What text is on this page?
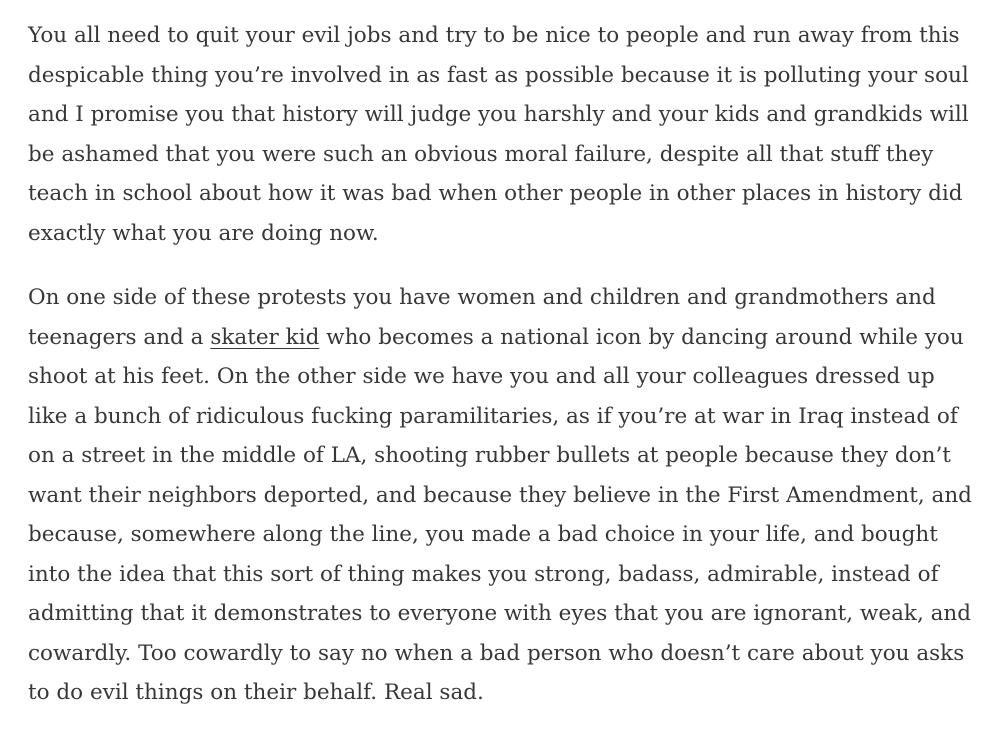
You all need to quit your evil jobs and try to be nice to people and run away from this despicable thing you’re involved in as fast as possible because it is polluting your soul and I promise you that history will judge you harshly and your kids and grandkids will be ashamed that you were such an obvious moral failure, despite all that stuff they teach in school about how it was bad when other people in other places in history did exactly what you are doing now.

On one side of these protests you have women and children and grandmothers and teenagers and a skater kid who becomes a national icon by dancing around while you shoot at his feet. On the other side we have you and all your colleagues dressed up like a bunch of ridiculous fucking paramilitaries, as if you’re at war in Iraq instead of on a street in the middle of LA, shooting rubber bullets at people because they don’t want their neighbors deported, and because they believe in the First Amendment, and because, somewhere along the line, you made a bad choice in your life, and bought into the idea that this sort of thing makes you strong, badass, admirable, instead of admitting that it demonstrates to everyone with eyes that you are ignorant, weak, and cowardly. Too cowardly to say no when a bad person who doesn’t care about you asks to do evil things on their behalf. Real sad.
